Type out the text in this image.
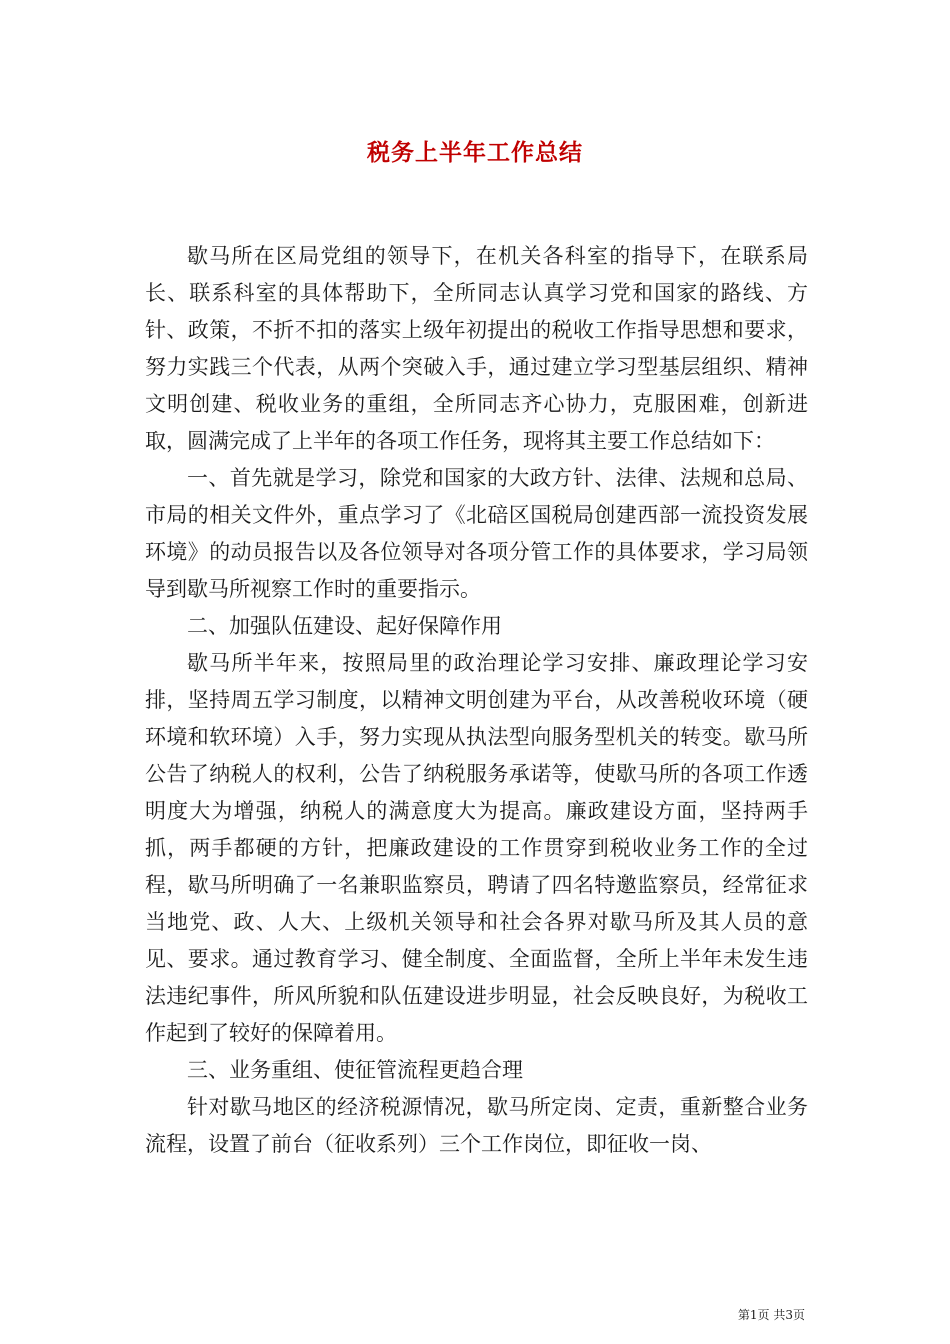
税务上半年工作总结

歇马所在区局党组的领导下，在机关各科室的指导下，在联系局长、联系科室的具体帮助下，全所同志认真学习党和国家的路线、方针、政策，不折不扣的落实上级年初提出的税收工作指导思想和要求，努力实践三个代表，从两个突破入手，通过建立学习型基层组织、精神文明创建、税收业务的重组，全所同志齐心协力，克服困难，创新进取，圆满完成了上半年的各项工作任务，现将其主要工作总结如下：

一、首先就是学习，除党和国家的大政方针、法律、法规和总局、市局的相关文件外，重点学习了《北碚区国税局创建西部一流投资发展环境》的动员报告以及各位领导对各项分管工作的具体要求，学习局领导到歇马所视察工作时的重要指示。

二、加强队伍建设、起好保障作用

歇马所半年来，按照局里的政治理论学习安排、廉政理论学习安排，坚持周五学习制度，以精神文明创建为平台，从改善税收环境（硬环境和软环境）入手，努力实现从执法型向服务型机关的转变。歇马所公告了纳税人的权利，公告了纳税服务承诺等，使歇马所的各项工作透明度大为增强，纳税人的满意度大为提高。廉政建设方面，坚持两手抓，两手都硬的方针，把廉政建设的工作贯穿到税收业务工作的全过程，歇马所明确了一名兼职监察员，聘请了四名特邀监察员，经常征求当地党、政、人大、上级机关领导和社会各界对歇马所及其人员的意见、要求。通过教育学习、健全制度、全面监督，全所上半年未发生违法违纪事件，所风所貌和队伍建设进步明显，社会反映良好，为税收工作起到了较好的保障着用。

三、业务重组、使征管流程更趋合理

针对歇马地区的经济税源情况，歇马所定岗、定责，重新整合业务流程，设置了前台（征收系列）三个工作岗位，即征收一岗、

第1页 共3页
